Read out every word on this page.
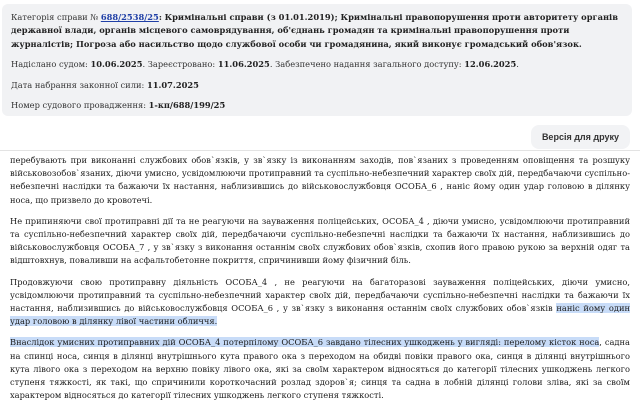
Категорія справи № 688/2538/25: Кримінальні справи (з 01.01.2019); Кримінальні правопорушення проти авторитету органів державної влади, органів місцевого самоврядування, об'єднань громадян та кримінальні правопорушення проти журналістів; Погроза або насильство щодо службової особи чи громадянина, який виконує громадський обов'язок.

Надіслано судом: 10.06.2025. Зареєстровано: 11.06.2025. Забезпечено надання загального доступу: 12.06.2025.

Дата набрання законної сили: 11.07.2025

Номер судового провадження: 1-кп/688/199/25

Версія для друку

перебувають при виконанні службових обов`язків, у зв`язку із виконанням заходів, пов`язаних з проведенням оповіщення та розшуку військовозобов`язаних, діючи умисно, усвідомлюючи протиправний та суспільно-небезпечний характер своїх дій, передбачаючи суспільно-небезпечні наслідки та бажаючи їх настання, наблизившись до військовослужбовця ОСОБА_6 , наніс йому один удар головою в ділянку носа, що призвело до кровотечі.

Не припиняючи свої протиправні дії та не реагуючи на зауваження поліцейських, ОСОБА_4 , діючи умисно, усвідомлюючи протиправний та суспільно-небезпечний характер своїх дій, передбачаючи суспільно-небезпечні наслідки та бажаючи їх настання, наблизившись до військовослужбовця ОСОБА_7 , у зв`язку з виконання останнім своїх службових обов`язків, схопив його правою рукою за верхній одяг та відштовхнув, поваливши на асфальтобетонне покриття, спричинивши йому фізичний біль.

Продовжуючи свою протиправну діяльність ОСОБА_4 , не реагуючи на багаторазові зауваження поліцейських, діючи умисно, усвідомлюючи протиправний та суспільно-небезпечний характер своїх дій, передбачаючи суспільно-небезпечні наслідки та бажаючи їх настання, наблизившись до військовослужбовця ОСОБА_6 , у зв`язку з виконання останнім своїх службових обов`язків наніс йому один удар головою в ділянку лівої частини обличчя.

Внаслідок умисних протиправних дій ОСОБА_4 потерпілому ОСОБА_6 завдано тілесних ушкоджень у вигляді: перелому кісток носа, садна на спинці носа, синця в ділянці внутрішнього кута правого ока з переходом на обидві повіки правого ока, синця в ділянці внутрішнього кута лівого ока з переходом на верхню повіку лівого ока, які за своїм характером відносяться до категорії тілесних ушкоджень легкого ступеня тяжкості, як такі, що спричинили короткочасний розлад здоров`я; синця та садна в лобній ділянці голови зліва, які за своїм характером відносяться до категорії тілесних ушкоджень легкого ступеня тяжкості.
